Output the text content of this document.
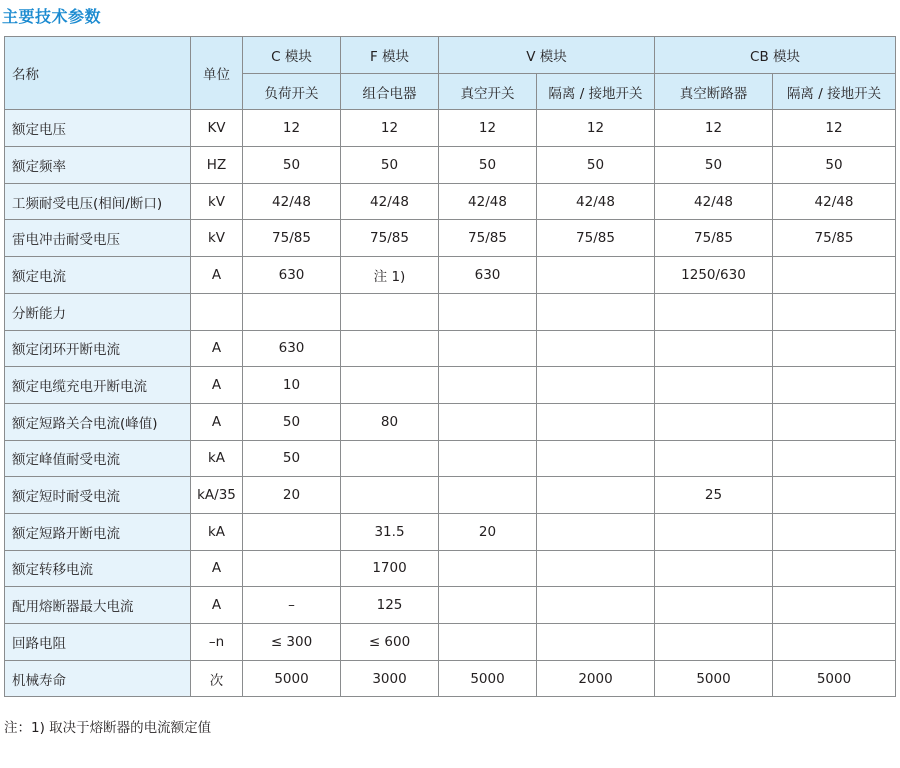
主要技术参数
名称	单位	C 模块	F 模块	V 模块		CB 模块	
		负荷开关	组合电器	真空开关	隔离 / 接地开关	真空断路器	隔离 / 接地开关
额定电压	KV	12	12	12	12	12	12
额定频率	HZ	50	50	50	50	50	50
工频耐受电压(相间/断口)	kV	42/48	42/48	42/48	42/48	42/48	42/48
雷电冲击耐受电压	kV	75/85	75/85	75/85	75/85	75/85	75/85
额定电流	A	630	注 1)	630		1250/630	
分断能力							
额定闭环开断电流	A	630					
额定电缆充电开断电流	A	10					
额定短路关合电流(峰值)	A	50	80				
额定峰值耐受电流	kA	50					
额定短时耐受电流	kA/35	20				25	
额定短路开断电流	kA		31.5	20			
额定转移电流	A		1700				
配用熔断器最大电流	A	–	125				
回路电阻	–n	≤ 300	≤ 600				
机械寿命	次	5000	3000	5000	2000	5000	5000
注：1) 取决于熔断器的电流额定值
